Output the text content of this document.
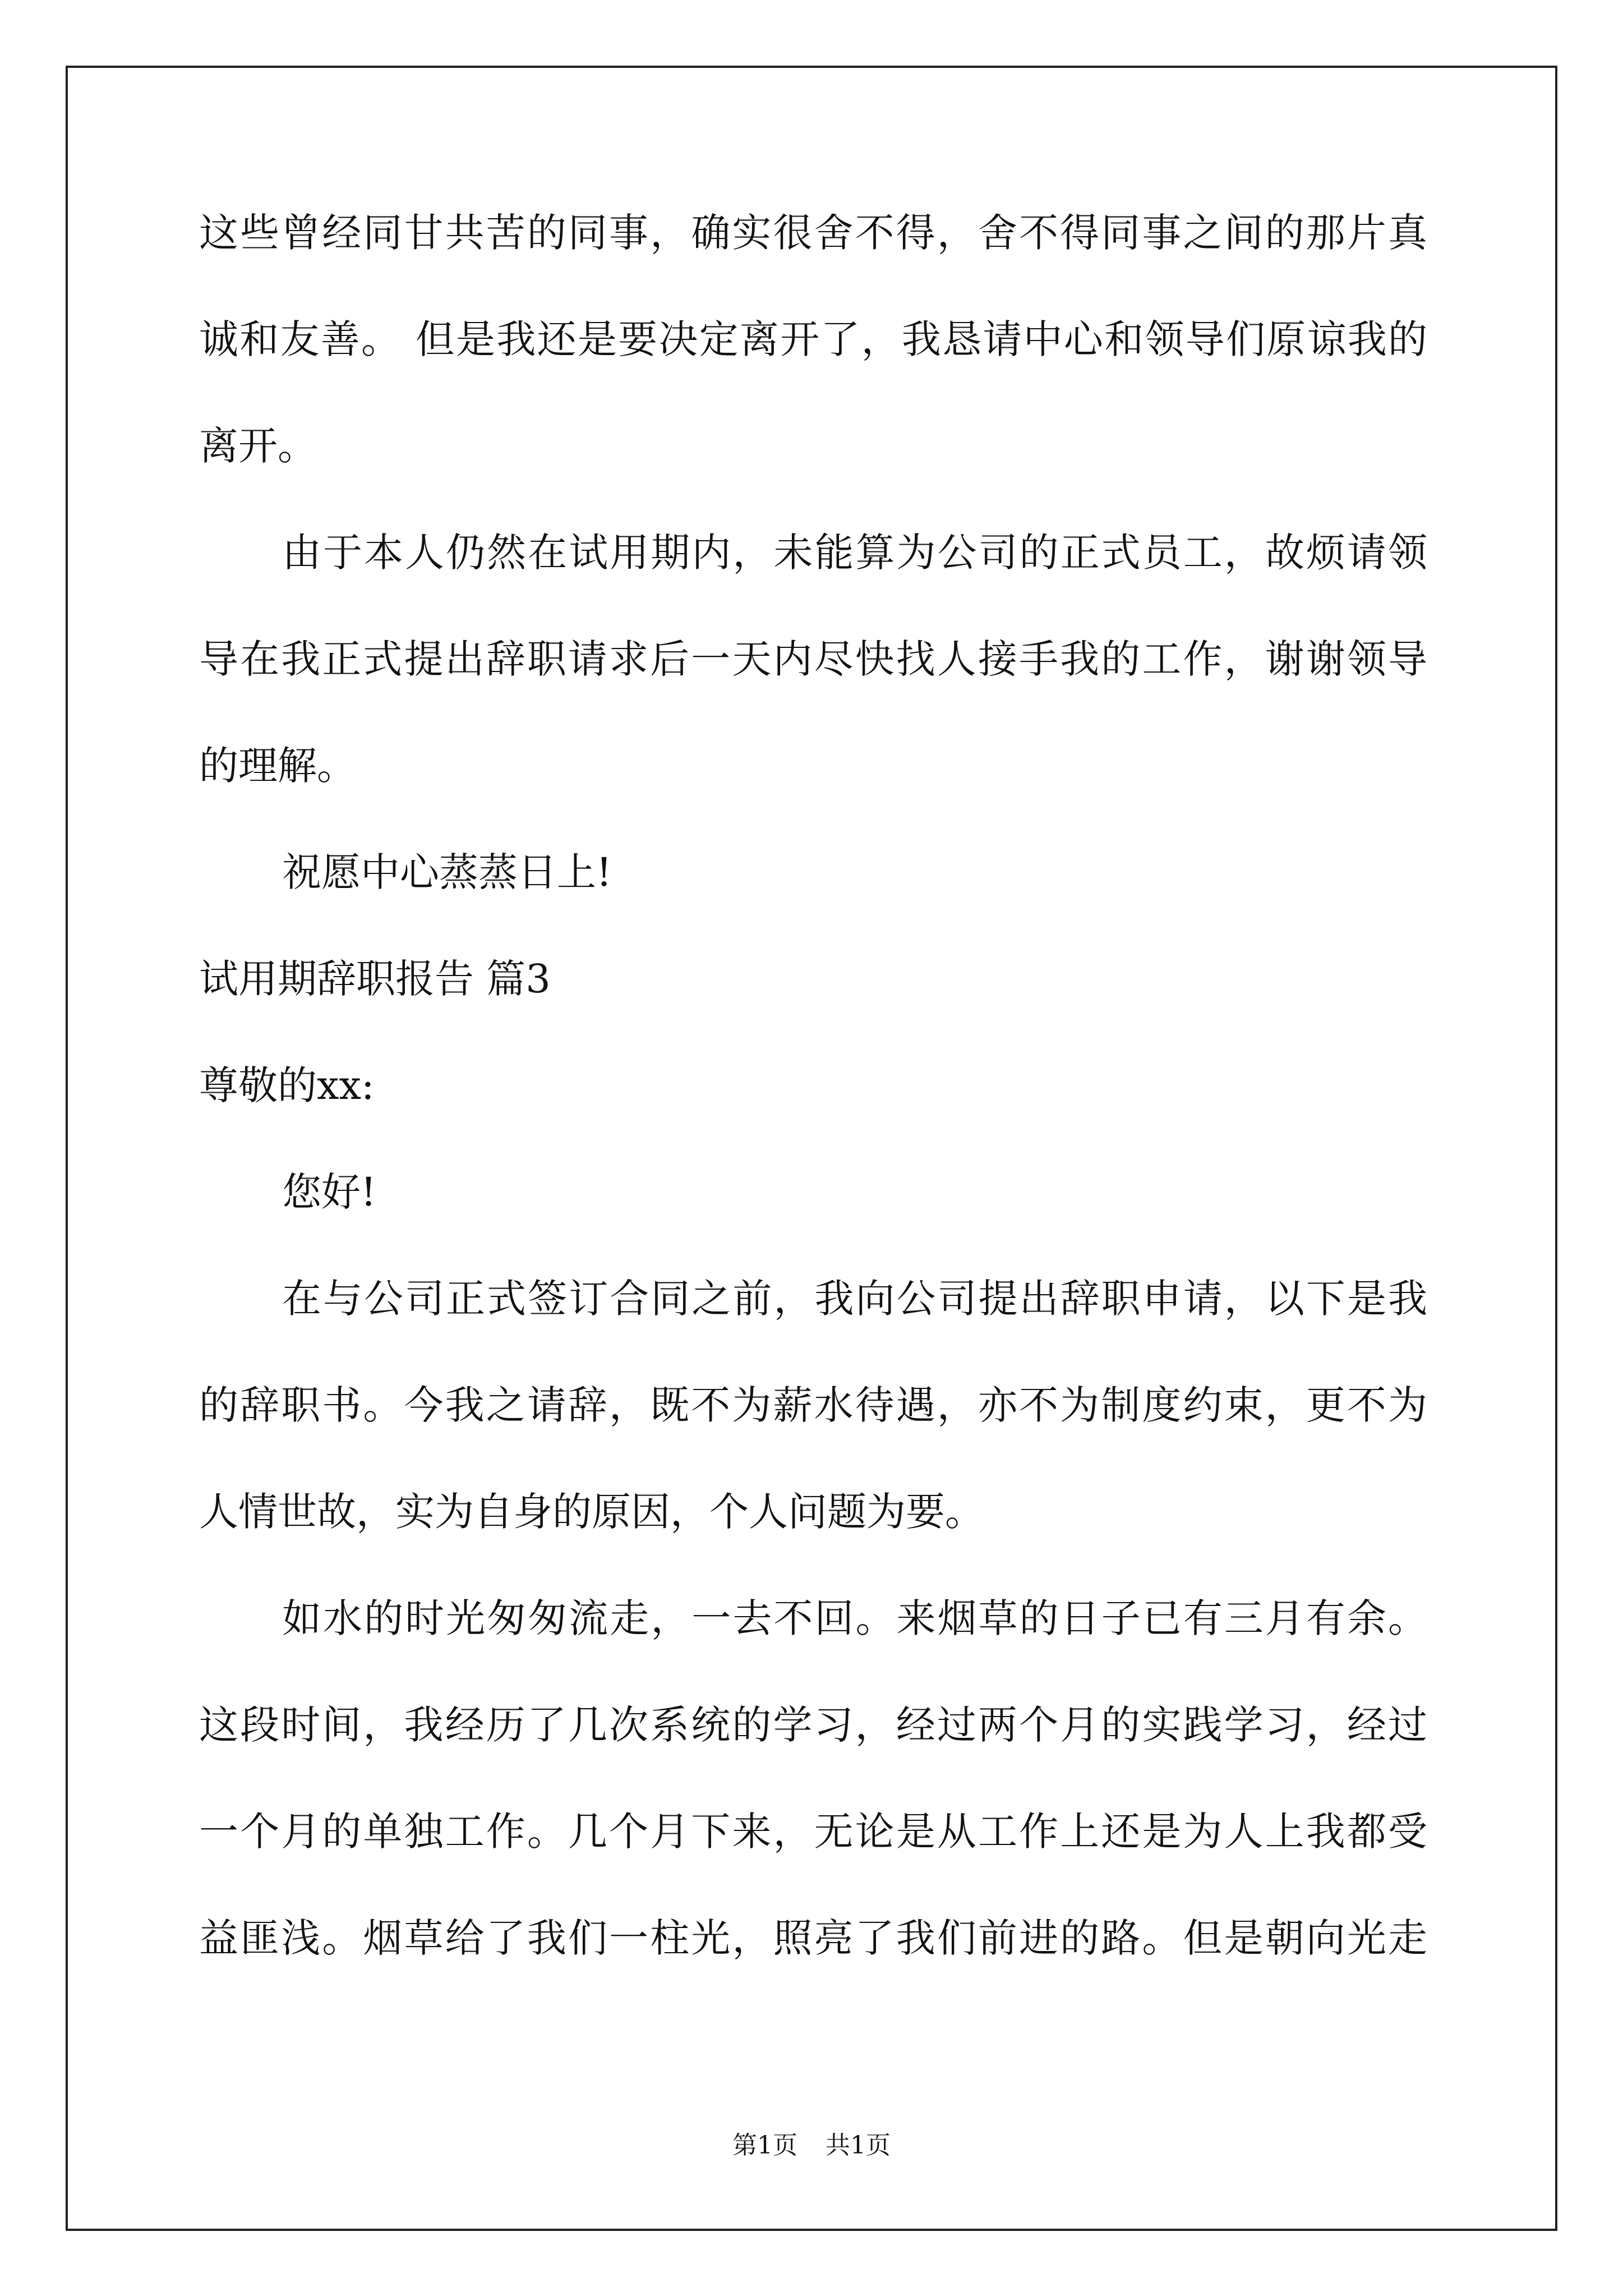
这些曾经同甘共苦的同事，确实很舍不得，舍不得同事之间的那片真
诚和友善。 但是我还是要决定离开了，我恳请中心和领导们原谅我的
离开。
由于本人仍然在试用期内，未能算为公司的正式员工，故烦请领
导在我正式提出辞职请求后一天内尽快找人接手我的工作，谢谢领导
的理解。
祝愿中心蒸蒸日上!
试用期辞职报告 篇3
尊敬的xx:
您好!
在与公司正式签订合同之前，我向公司提出辞职申请，以下是我
的辞职书。今我之请辞，既不为薪水待遇，亦不为制度约束，更不为
人情世故，实为自身的原因，个人问题为要。
如水的时光匆匆流走，一去不回。来烟草的日子已有三月有余。
这段时间，我经历了几次系统的学习，经过两个月的实践学习，经过
一个月的单独工作。几个月下来，无论是从工作上还是为人上我都受
益匪浅。烟草给了我们一柱光，照亮了我们前进的路。但是朝向光走
第1页 共1页
